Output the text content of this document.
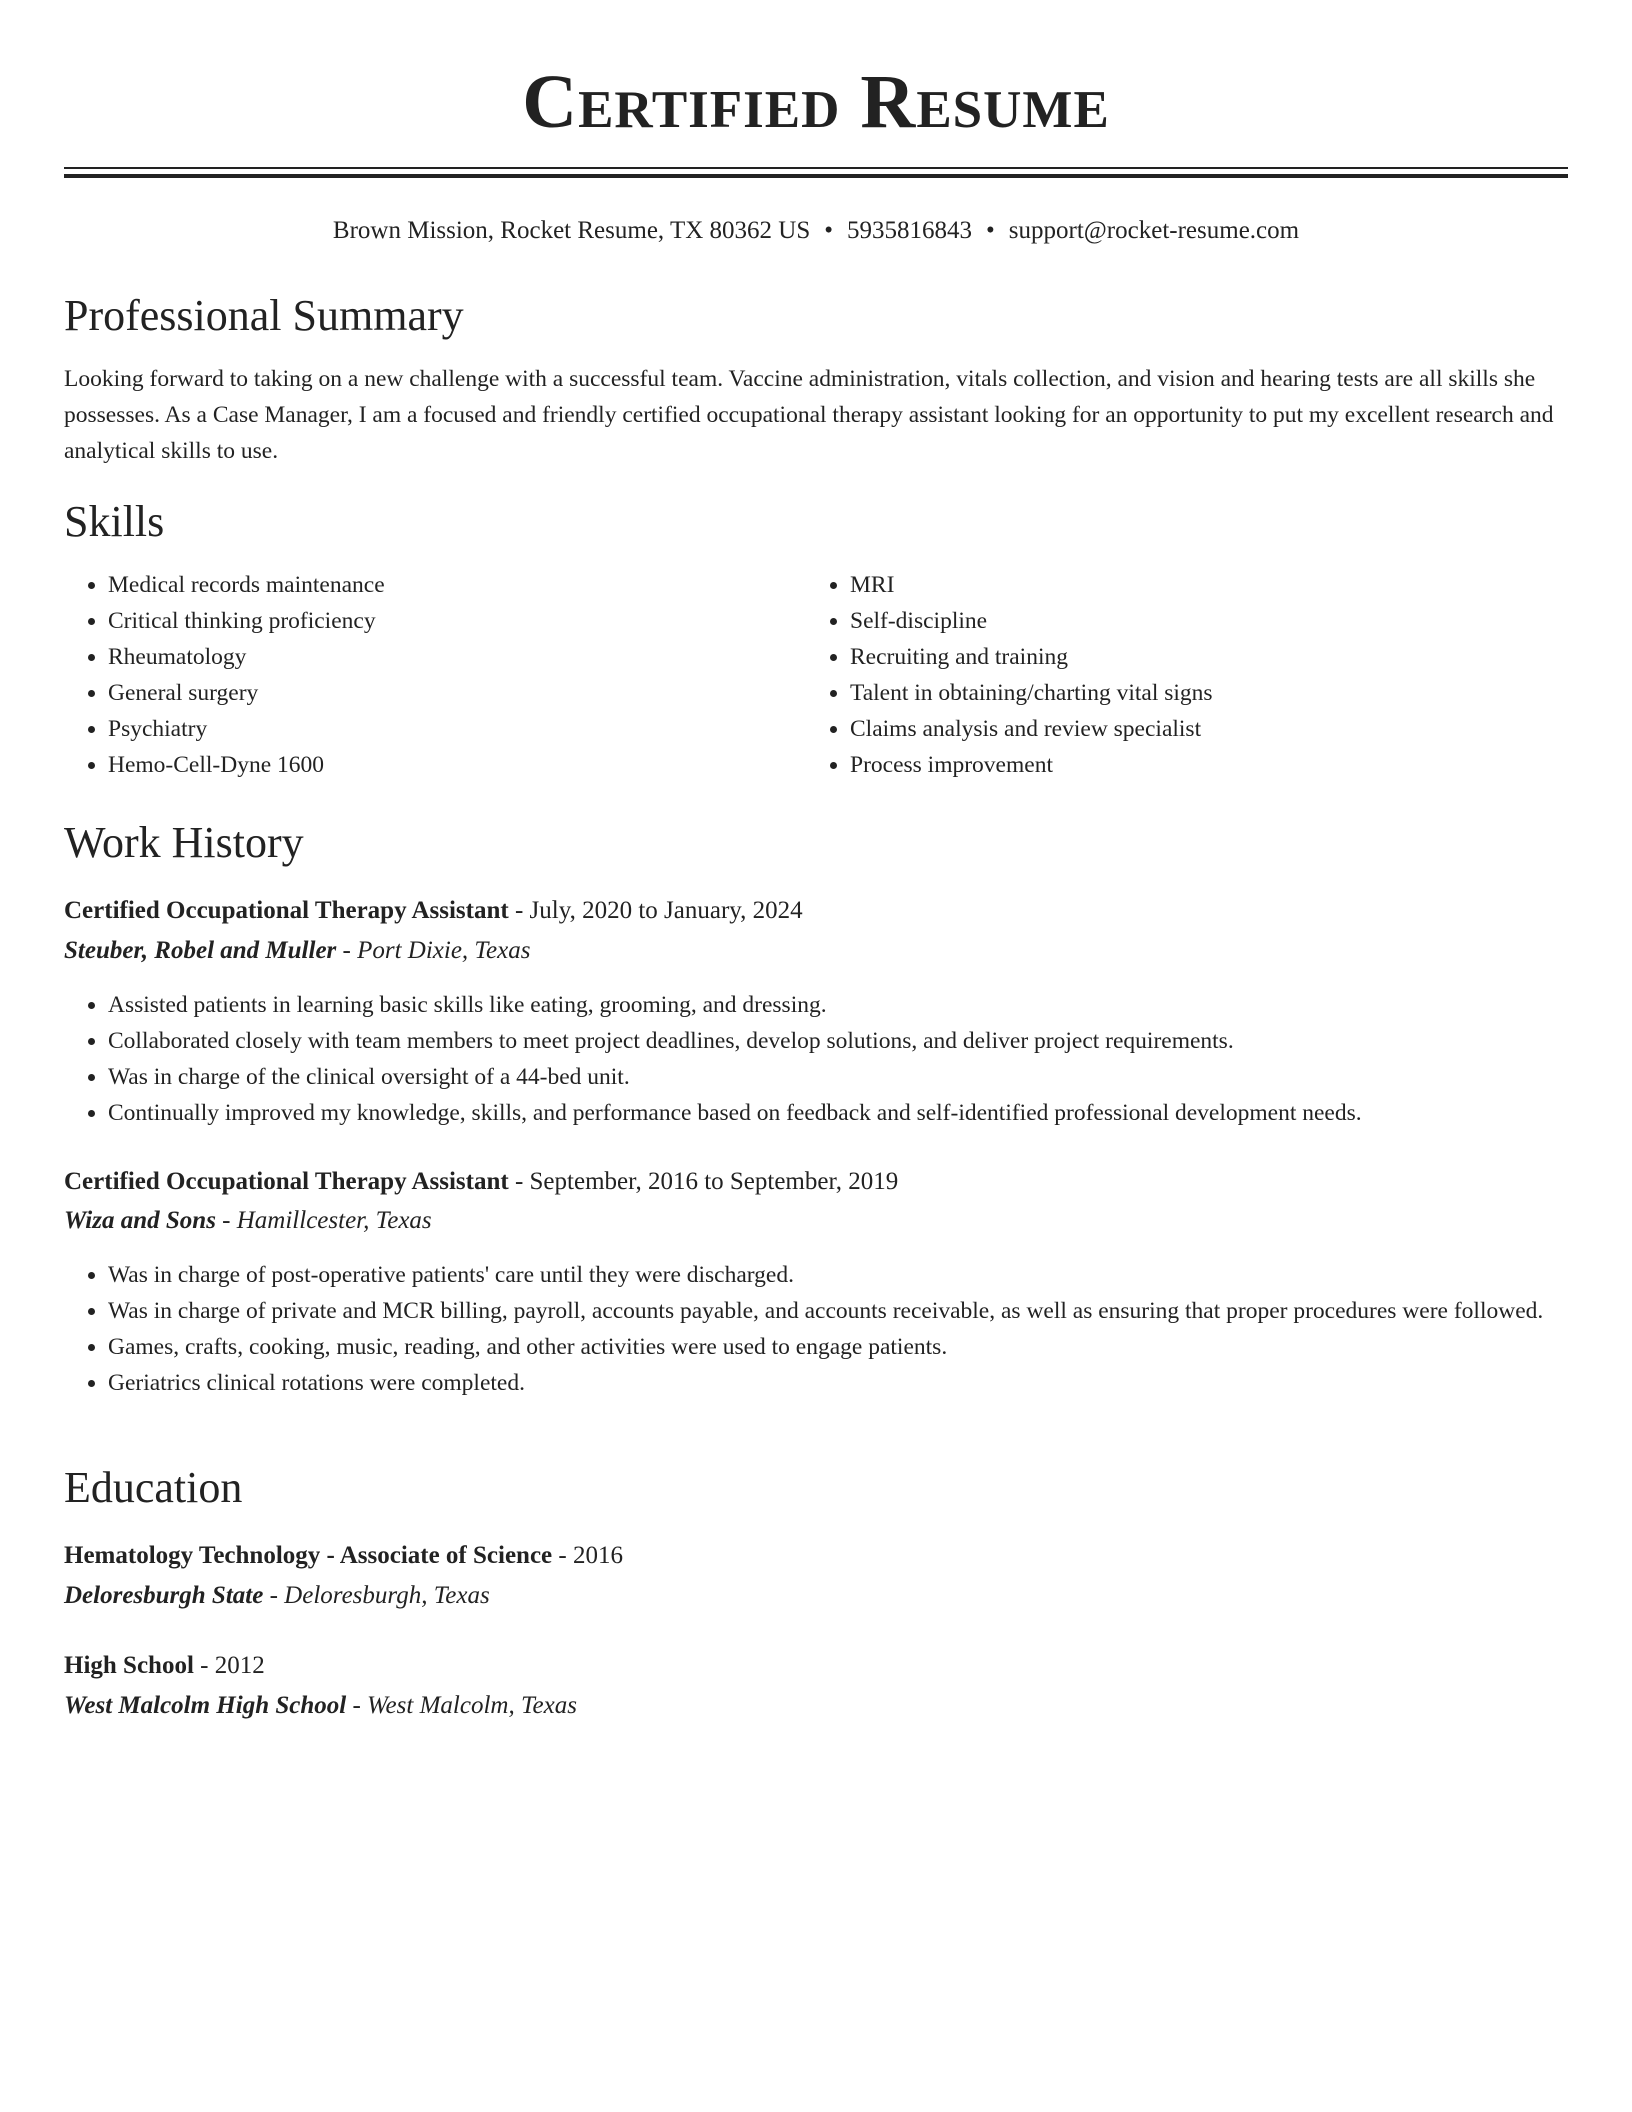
Certified Resume
Brown Mission, Rocket Resume, TX 80362 US • 5935816843 • support@rocket-resume.com
Professional Summary

Looking forward to taking on a new challenge with a successful team. Vaccine administration, vitals collection, and vision and hearing tests are all skills she possesses. As a Case Manager, I am a focused and friendly certified occupational therapy assistant looking for an opportunity to put my excellent research and analytical skills to use.

Skills
• Medical records maintenance
• Critical thinking proficiency
• Rheumatology
• General surgery
• Psychiatry
• Hemo-Cell-Dyne 1600
• MRI
• Self-discipline
• Recruiting and training
• Talent in obtaining/charting vital signs
• Claims analysis and review specialist
• Process improvement
Work History
Certified Occupational Therapy Assistant - July, 2020 to January, 2024
Steuber, Robel and Muller - Port Dixie, Texas
• Assisted patients in learning basic skills like eating, grooming, and dressing.
• Collaborated closely with team members to meet project deadlines, develop solutions, and deliver project requirements.
• Was in charge of the clinical oversight of a 44-bed unit.
• Continually improved my knowledge, skills, and performance based on feedback and self-identified professional development needs.
Certified Occupational Therapy Assistant - September, 2016 to September, 2019
Wiza and Sons - Hamillcester, Texas
• Was in charge of post-operative patients' care until they were discharged.
• Was in charge of private and MCR billing, payroll, accounts payable, and accounts receivable, as well as ensuring that proper procedures were followed.
• Games, crafts, cooking, music, reading, and other activities were used to engage patients.
• Geriatrics clinical rotations were completed.
Education
Hematology Technology - Associate of Science - 2016
Deloresburgh State - Deloresburgh, Texas
High School - 2012
West Malcolm High School - West Malcolm, Texas
